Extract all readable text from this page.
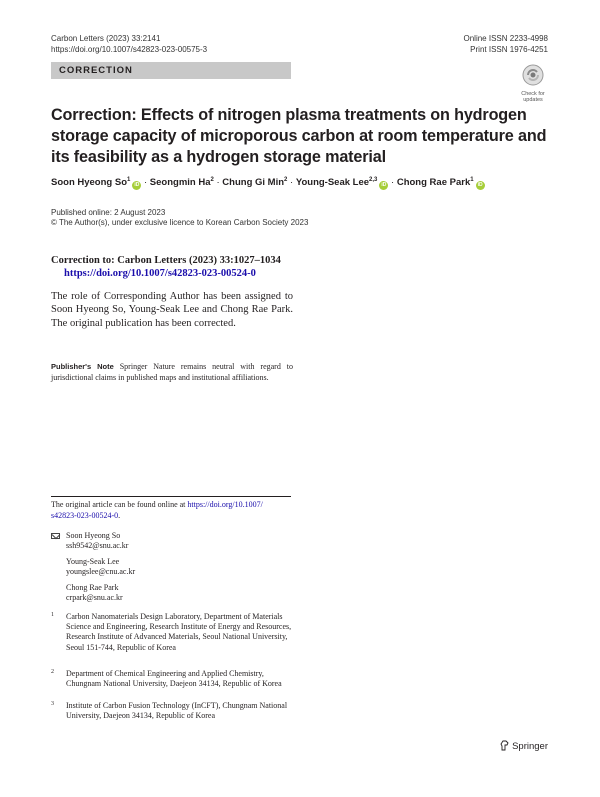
Carbon Letters (2023) 33:2141
https://doi.org/10.1007/s42823-023-00575-3
Online ISSN 2233-4998
Print ISSN 1976-4251
CORRECTION
Check for
updates
Correction: Effects of nitrogen plasma treatments on hydrogen storage capacity of microporous carbon at room temperature and its feasibility as a hydrogen storage material
Soon Hyeong $So^1iD$ · Seongmin $Ha^2$ · Chung Gi Min$^2$ · Young-Seak Lee$^{2,3}$iD · Chong Rae Park$^1$iD
Published online: 2 August 2023
© The Author(s), under exclusive licence to Korean Carbon Society 2023
Correction to: Carbon Letters (2023) 33:1027–1034
https://doi.org/10.1007/s42823-023-00524-0
The role of Corresponding Author has been assigned to Soon Hyeong So, Young-Seak Lee and Chong Rae Park. The original publication has been corrected.
Publisher's Note Springer Nature remains neutral with regard to jurisdictional claims in published maps and institutional affiliations.
The original article can be found online at https://doi.org/10.1007/
s42823-023-00524-0.
Soon Hyeong So
ssh9542@snu.ac.kr
Young-Seak Lee
youngslee@cnu.ac.kr
Chong Rae Park
crpark@snu.ac.kr
1 Carbon Nanomaterials Design Laboratory, Department of Materials Science and Engineering, Research Institute of Energy and Resources, Research Institute of Advanced Materials, Seoul National University, Seoul 151-744, Republic of Korea
2 Department of Chemical Engineering and Applied Chemistry, Chungnam National University, Daejeon 34134, Republic of Korea
3 Institute of Carbon Fusion Technology (InCFT), Chungnam National University, Daejeon 34134, Republic of Korea
Springer
